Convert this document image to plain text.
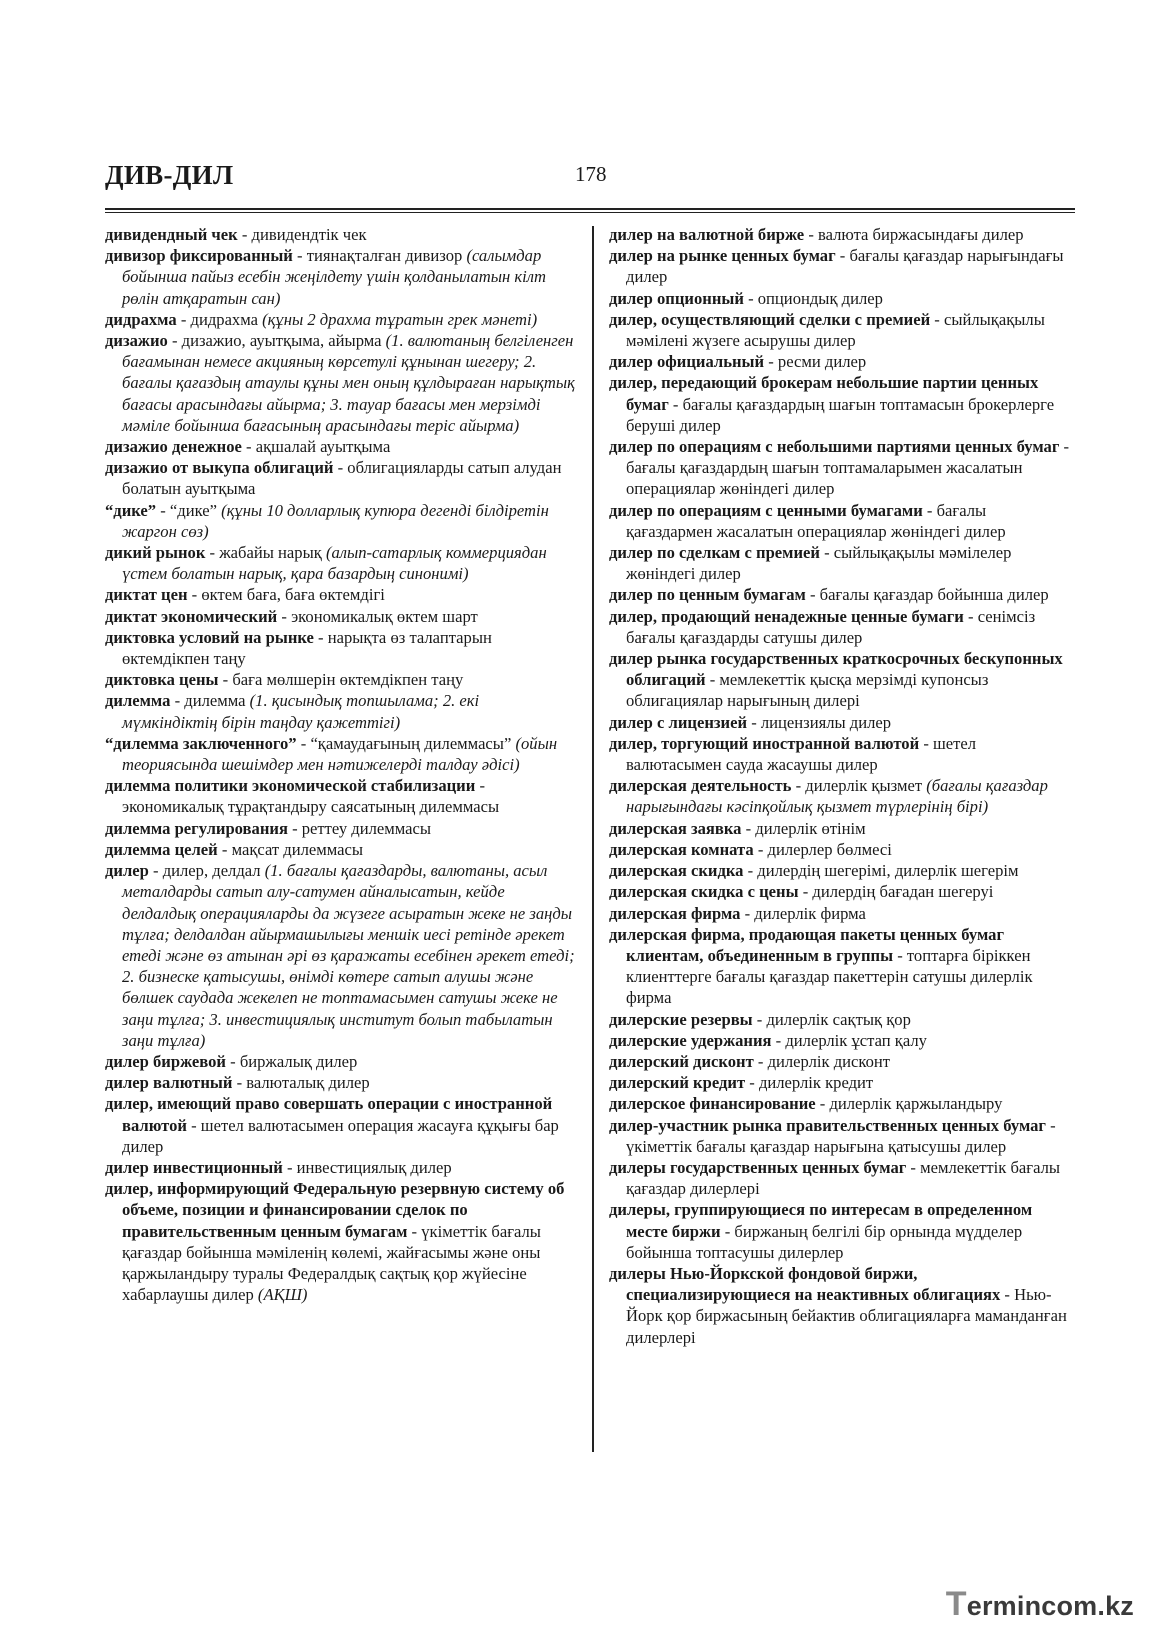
ДИВ-ДИЛ	178

дивидендный чек - дивидендтік чек

дивизор фиксированный - тиянақталған дивизор (салымдар бойынша пайыз есебін жеңілдету үшін қолданылатын кілт рөлін атқаратын сан)

дидрахма - дидрахма (құны 2 драхма тұратын грек мәнеті)

дизажио - дизажио, ауытқыма, айырма (1. валютаның белгіленген бағамынан немесе акцияның көрсетулі құнынан шегеру; 2. бағалы қағаздың атаулы құны мен оның құлдыраған нарықтық бағасы арасындағы айырма; 3. тауар бағасы мен мерзімді мәміле бойынша бағасының арасындағы теріс айырма)

дизажио денежное - ақшалай ауытқыма

дизажио от выкупа облигаций - облигацияларды сатып алудан болатын ауытқыма

“дике” - “дике” (құны 10 долларлық купюра дегенді білдіретін жаргон сөз)

дикий рынок - жабайы нарық (алып-сатарлық коммерциядан үстем болатын нарық, қара базардың синонимі)

диктат цен - өктем баға, баға өктемдігі

диктат экономический - экономикалық өктем шарт

диктовка условий на рынке - нарықта өз талаптарын өктемдікпен таңу

диктовка цены - баға мөлшерін өктемдікпен таңу

дилемма - дилемма (1. қисындық топшылама; 2. екі мүмкіндіктің бірін таңдау қажеттігі)

“дилемма заключенного” - “қамаудағының дилеммасы” (ойын теориясында шешімдер мен нәтижелерді талдау әдісі)

дилемма политики экономической стабилизации - экономикалық тұрақтандыру саясатының дилеммасы

дилемма регулирования - реттеу дилеммасы

дилемма целей - мақсат дилеммасы

дилер - дилер, делдал (1. бағалы қағаздарды, валютаны, асыл металдарды сатып алу-сатумен айналысатын, кейде делдалдық операцияларды да жүзеге асыратын жеке не заңды тұлға; делдалдан айырмашылығы меншік иесі ретінде әрекет етеді және өз атынан әрі өз қаражаты есебінен әрекет етеді; 2. бизнеске қатысушы, өнімді көтере сатып алушы және бөлшек саудада жекелеп не топтамасымен сатушы жеке не заңи тұлға; 3. инвестициялық институт болып табылатын заңи тұлға)

дилер биржевой - биржалық дилер

дилер валютный - валюталық дилер

дилер, имеющий право совершать операции с иностранной валютой - шетел валютасымен операция жасауға құқығы бар дилер

дилер инвестиционный - инвестициялық дилер

дилер, информирующий Федеральную резервную систему об объеме, позиции и финансировании сделок по правительственным ценным бумагам - үкіметтік бағалы қағаздар бойынша мәміленің көлемі, жайғасымы және оны қаржыландыру туралы Федералдық сақтық қор жүйесіне хабарлаушы дилер (АҚШ)

дилер на валютной бирже - валюта биржасындағы дилер

дилер на рынке ценных бумаг - бағалы қағаздар нарығындағы дилер

дилер опционный - опциондық дилер

дилер, осуществляющий сделки с премией - сыйлықақылы мәмілені жүзеге асырушы дилер

дилер официальный - ресми дилер

дилер, передающий брокерам небольшие партии ценных бумаг - бағалы қағаздардың шағын топтамасын брокерлерге беруші дилер

дилер по операциям с небольшими партиями ценных бумаг - бағалы қағаздардың шағын топтамаларымен жасалатын операциялар жөніндегі дилер

дилер по операциям с ценными бумагами - бағалы қағаздармен жасалатын операциялар жөніндегі дилер

дилер по сделкам с премией - сыйлықақылы мәмілелер жөніндегі дилер

дилер по ценным бумагам - бағалы қағаздар бойынша дилер

дилер, продающий ненадежные ценные бумаги - сенімсіз бағалы қағаздарды сатушы дилер

дилер рынка государственных краткосрочных бескупонных облигаций - мемлекеттік қысқа мерзімді купонсыз облигациялар нарығының дилері

дилер с лицензией - лицензиялы дилер

дилер, торгующий иностранной валютой - шетел валютасымен сауда жасаушы дилер

дилерская деятельность - дилерлік қызмет (бағалы қағаздар нарығындағы кәсіпқойлық қызмет түрлерінің бірі)

дилерская заявка - дилерлік өтінім

дилерская комната - дилерлер бөлмесі

дилерская скидка - дилердің шегерімі, дилерлік шегерім

дилерская скидка с цены - дилердің бағадан шегеруі

дилерская фирма - дилерлік фирма

дилерская фирма, продающая пакеты ценных бумаг клиентам, объединенным в группы - топтарға біріккен клиенттерге бағалы қағаздар пакеттерін сатушы дилерлік фирма

дилерские резервы - дилерлік сақтық қор

дилерские удержания - дилерлік ұстап қалу

дилерский дисконт - дилерлік дисконт

дилерский кредит - дилерлік кредит

дилерское финансирование - дилерлік қаржыландыру

дилер-участник рынка правительственных ценных бумаг - үкіметтік бағалы қағаздар нарығына қатысушы дилер

дилеры государственных ценных бумаг - мемлекеттік бағалы қағаздар дилерлері

дилеры, группирующиеся по интересам в определенном месте биржи - биржаның белгілі бір орнында мүдделер бойынша топтасушы дилерлер

дилеры Нью-Йоркской фондовой биржи, специализирующиеся на неактивных облигациях - Нью-Йорк қор биржасының бейактив облигацияларға маманданған дилерлері

Termincom.kz
